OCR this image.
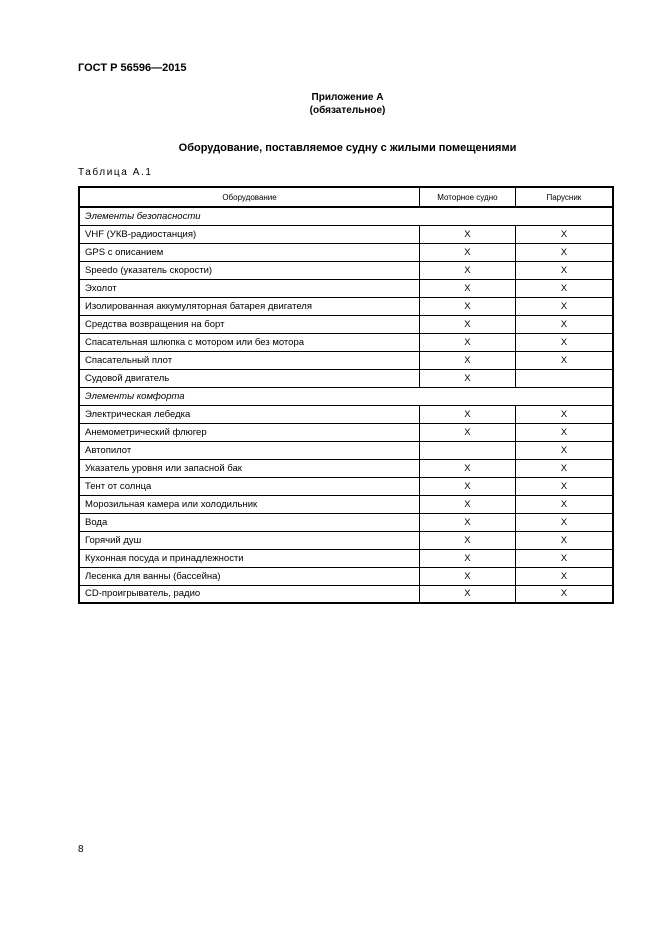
ГОСТ Р 56596—2015
Приложение А
(обязательное)
Оборудование, поставляемое судну с жилыми помещениями
Таблица А.1
Оборудование	Моторное судно	Парусник
Элементы безопасности		
VHF (УКВ-радиостанция)	X	X
GPS с описанием	X	X
Speedo (указатель скорости)	X	X
Эхолот	X	X
Изолированная аккумуляторная батарея двигателя	X	X
Средства возвращения на борт	X	X
Спасательная шлюпка с мотором или без мотора	X	X
Спасательный плот	X	X
Судовой двигатель	X	
Элементы комфорта		
Электрическая лебедка	X	X
Анемометрический флюгер	X	X
Автопилот		X
Указатель уровня или запасной бак	X	X
Тент от солнца	X	X
Морозильная камера или холодильник	X	X
Вода	X	X
Горячий душ	X	X
Кухонная посуда и принадлежности	X	X
Лесенка для ванны (бассейна)	X	X
CD-проигрыватель, радио	X	X
8
